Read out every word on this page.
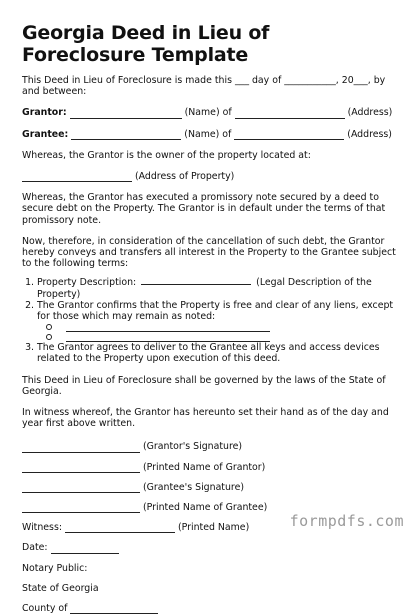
Georgia Deed in Lieu of Foreclosure Template

This Deed in Lieu of Foreclosure is made this ___ day of ___________, 20___, by and between:

Grantor:	(Name) of	(Address)
Grantee:	(Name) of	(Address)

Whereas, the Grantor is the owner of the property located at:

(Address of Property)

Whereas, the Grantor has executed a promissory note secured by a deed to secure debt on the Property. The Grantor is in default under the terms of that promissory note.

Now, therefore, in consideration of the cancellation of such debt, the Grantor hereby conveys and transfers all interest in the Property to the Grantee subject to the following terms:

1. Property Description:	(Legal Description of the Property)
2. The Grantor confirms that the Property is free and clear of any liens, except for those which may remain as noted:
3. The Grantor agrees to deliver to the Grantee all keys and access devices related to the Property upon execution of this deed.

This Deed in Lieu of Foreclosure shall be governed by the laws of the State of Georgia.

In witness whereof, the Grantor has hereunto set their hand as of the day and year first above written.

(Grantor's Signature)
(Printed Name of Grantor)
(Grantee's Signature)
(Printed Name of Grantee)
Witness:	(Printed Name)
Date:

Notary Public:

State of Georgia

County of
formpdfs.com
